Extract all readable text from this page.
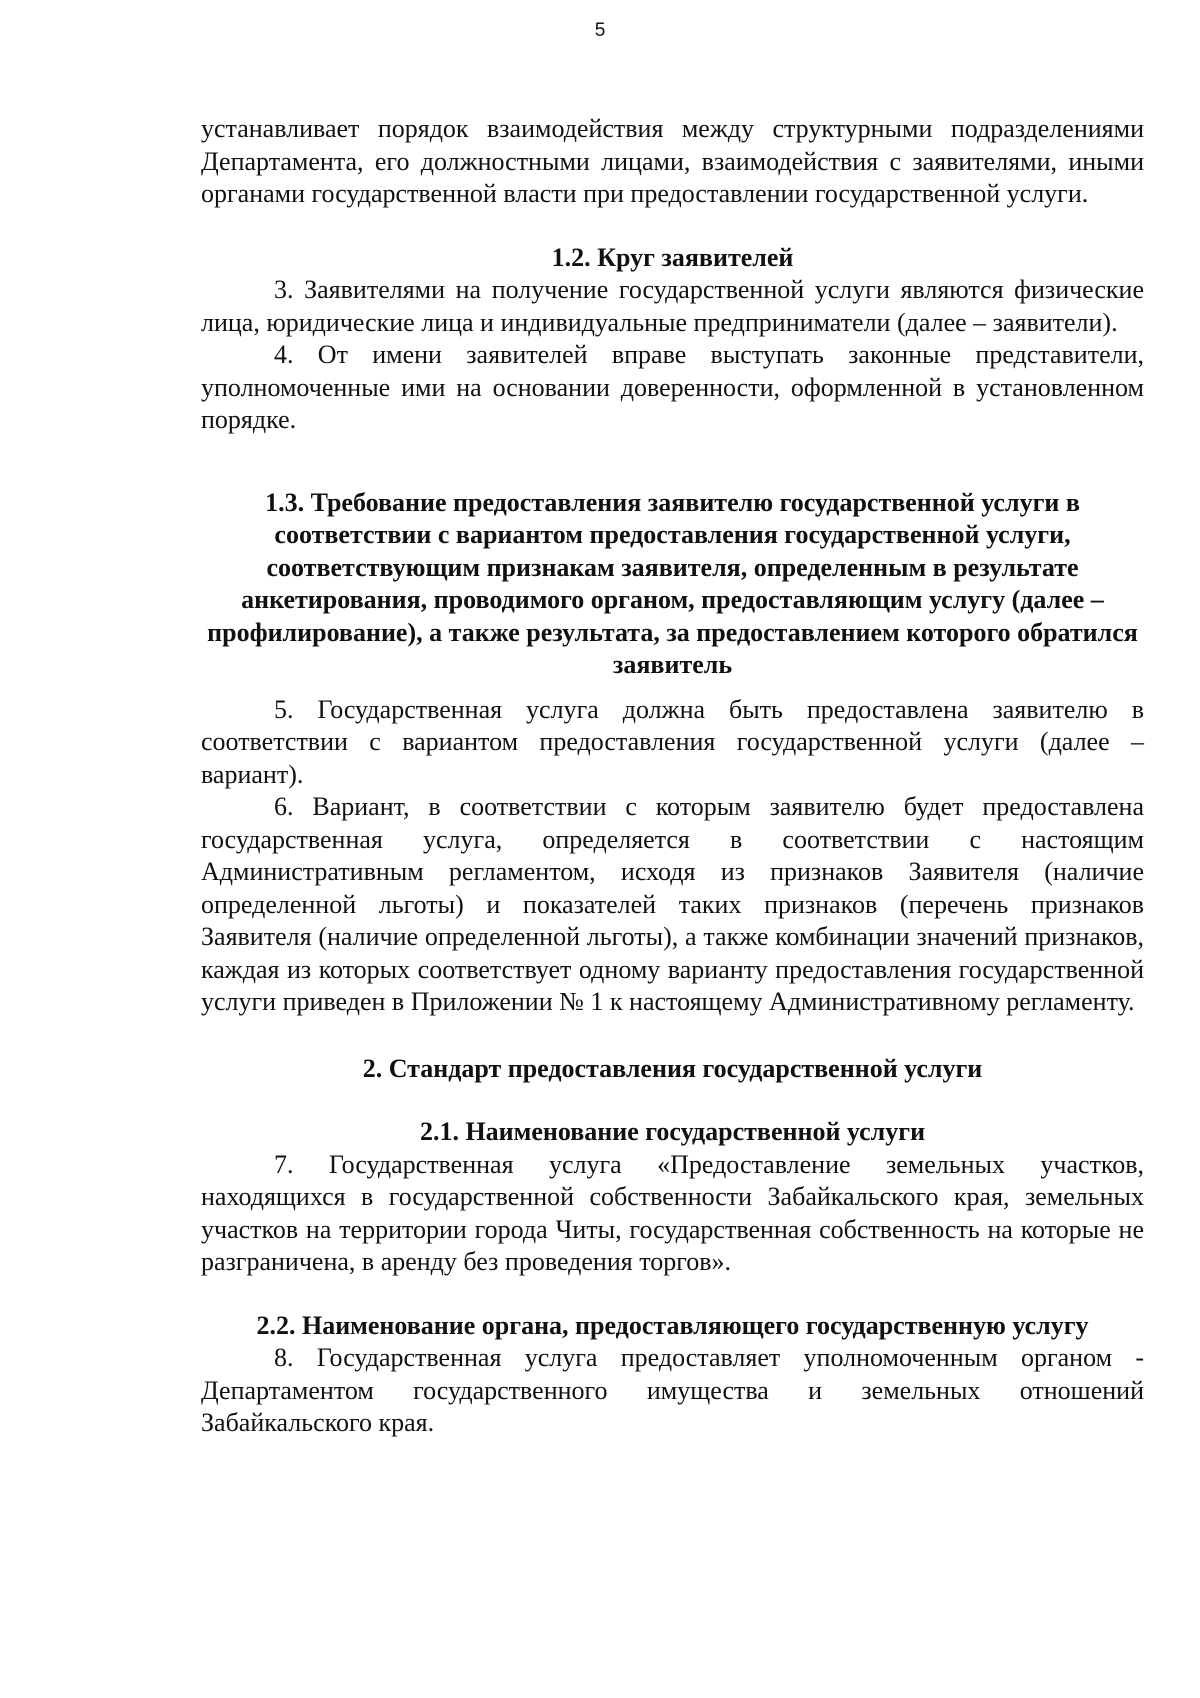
5

устанавливает порядок взаимодействия между структурными подразделениями Департамента, его должностными лицами, взаимодействия с заявителями, иными органами государственной власти при предоставлении государственной услуги.

1.2. Круг заявителей

3. Заявителями на получение государственной услуги являются физические лица, юридические лица и индивидуальные предприниматели (далее – заявители).

4. От имени заявителей вправе выступать законные представители, уполномоченные ими на основании доверенности, оформленной в установленном порядке.

1.3. Требование предоставления заявителю государственной услуги в соответствии с вариантом предоставления государственной услуги, соответствующим признакам заявителя, определенным в результате анкетирования, проводимого органом, предоставляющим услугу (далее – профилирование), а также результата, за предоставлением которого обратился заявитель

5. Государственная услуга должна быть предоставлена заявителю в соответствии с вариантом предоставления государственной услуги (далее – вариант).

6. Вариант, в соответствии с которым заявителю будет предоставлена государственная услуга, определяется в соответствии с настоящим Административным регламентом, исходя из признаков Заявителя (наличие определенной льготы) и показателей таких признаков (перечень признаков Заявителя (наличие определенной льготы), а также комбинации значений признаков, каждая из которых соответствует одному варианту предоставления государственной услуги приведен в Приложении № 1 к настоящему Административному регламенту.

2. Стандарт предоставления государственной услуги
2.1. Наименование государственной услуги

7. Государственная услуга «Предоставление земельных участков, находящихся в государственной собственности Забайкальского края, земельных участков на территории города Читы, государственная собственность на которые не разграничена, в аренду без проведения торгов».

2.2. Наименование органа, предоставляющего государственную услугу

8. Государственная услуга предоставляет уполномоченным органом - Департаментом государственного имущества и земельных отношений Забайкальского края.
